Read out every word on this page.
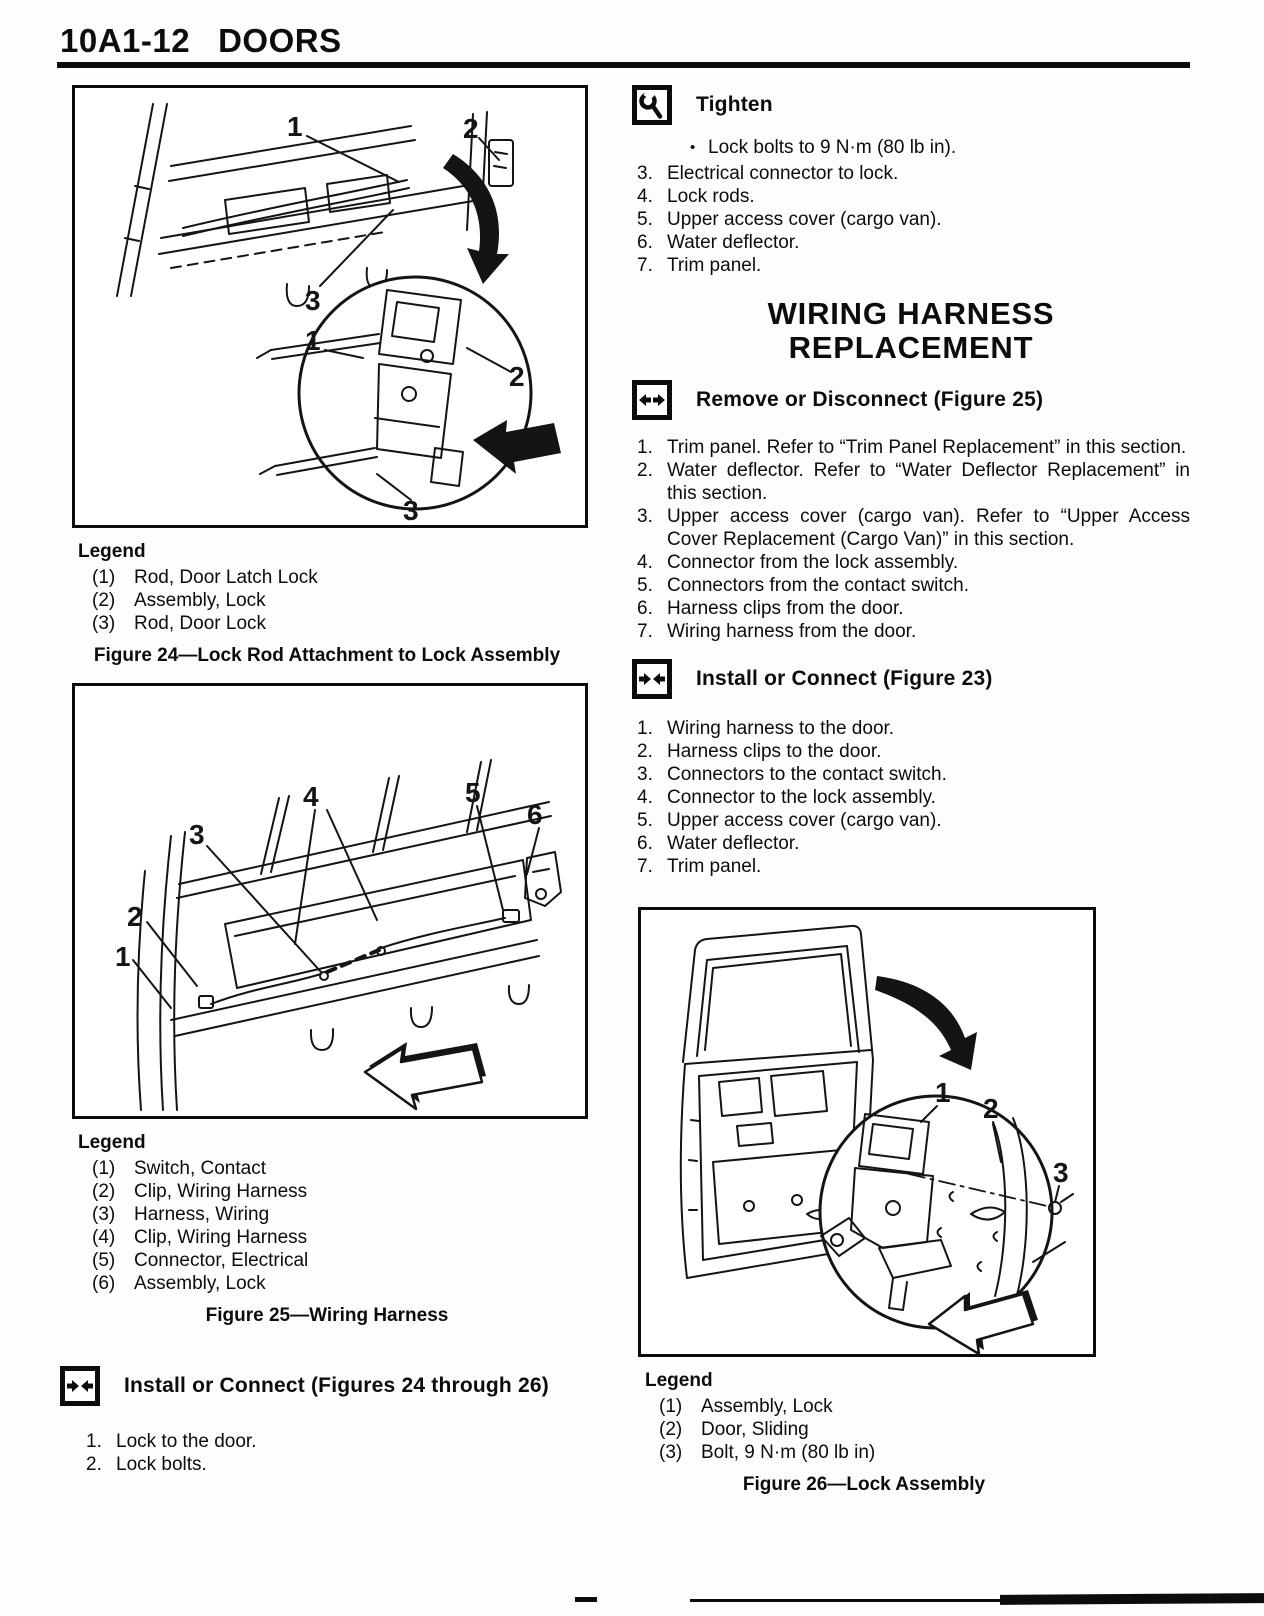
10A1-12 DOORS
1	2
3
1
2
3
Legend
(1) Rod, Door Latch Lock
(2) Assembly, Lock
(3) Rod, Door Lock
Figure 24—Lock Rod Attachment to Lock Assembly
1
2
3
4	5
6
Legend
(1) Switch, Contact
(2) Clip, Wiring Harness
(3) Harness, Wiring
(4) Clip, Wiring Harness
(5) Connector, Electrical
(6) Assembly, Lock
Figure 25—Wiring Harness
Install or Connect (Figures 24 through 26)
1. Lock to the door.
2. Lock bolts.
Tighten
• Lock bolts to 9 N·m (80 lb in).
3. Electrical connector to lock.
4. Lock rods.
5. Upper access cover (cargo van).
6. Water deflector.
7. Trim panel.
WIRING HARNESS
REPLACEMENT
Remove or Disconnect (Figure 25)
1. Trim panel. Refer to “Trim Panel Replacement” in this section.
2. Water deflector. Refer to “Water Deflector Replacement” in this section.
3. Upper access cover (cargo van). Refer to “Upper Access Cover Replacement (Cargo Van)” in this section.
4. Connector from the lock assembly.
5. Connectors from the contact switch.
6. Harness clips from the door.
7. Wiring harness from the door.
Install or Connect (Figure 23)
1. Wiring harness to the door.
2. Harness clips to the door.
3. Connectors to the contact switch.
4. Connector to the lock assembly.
5. Upper access cover (cargo van).
6. Water deflector.
7. Trim panel.
1
2
3
Legend
(1) Assembly, Lock
(2) Door, Sliding
(3) Bolt, 9 N·m (80 lb in)
Figure 26—Lock Assembly
